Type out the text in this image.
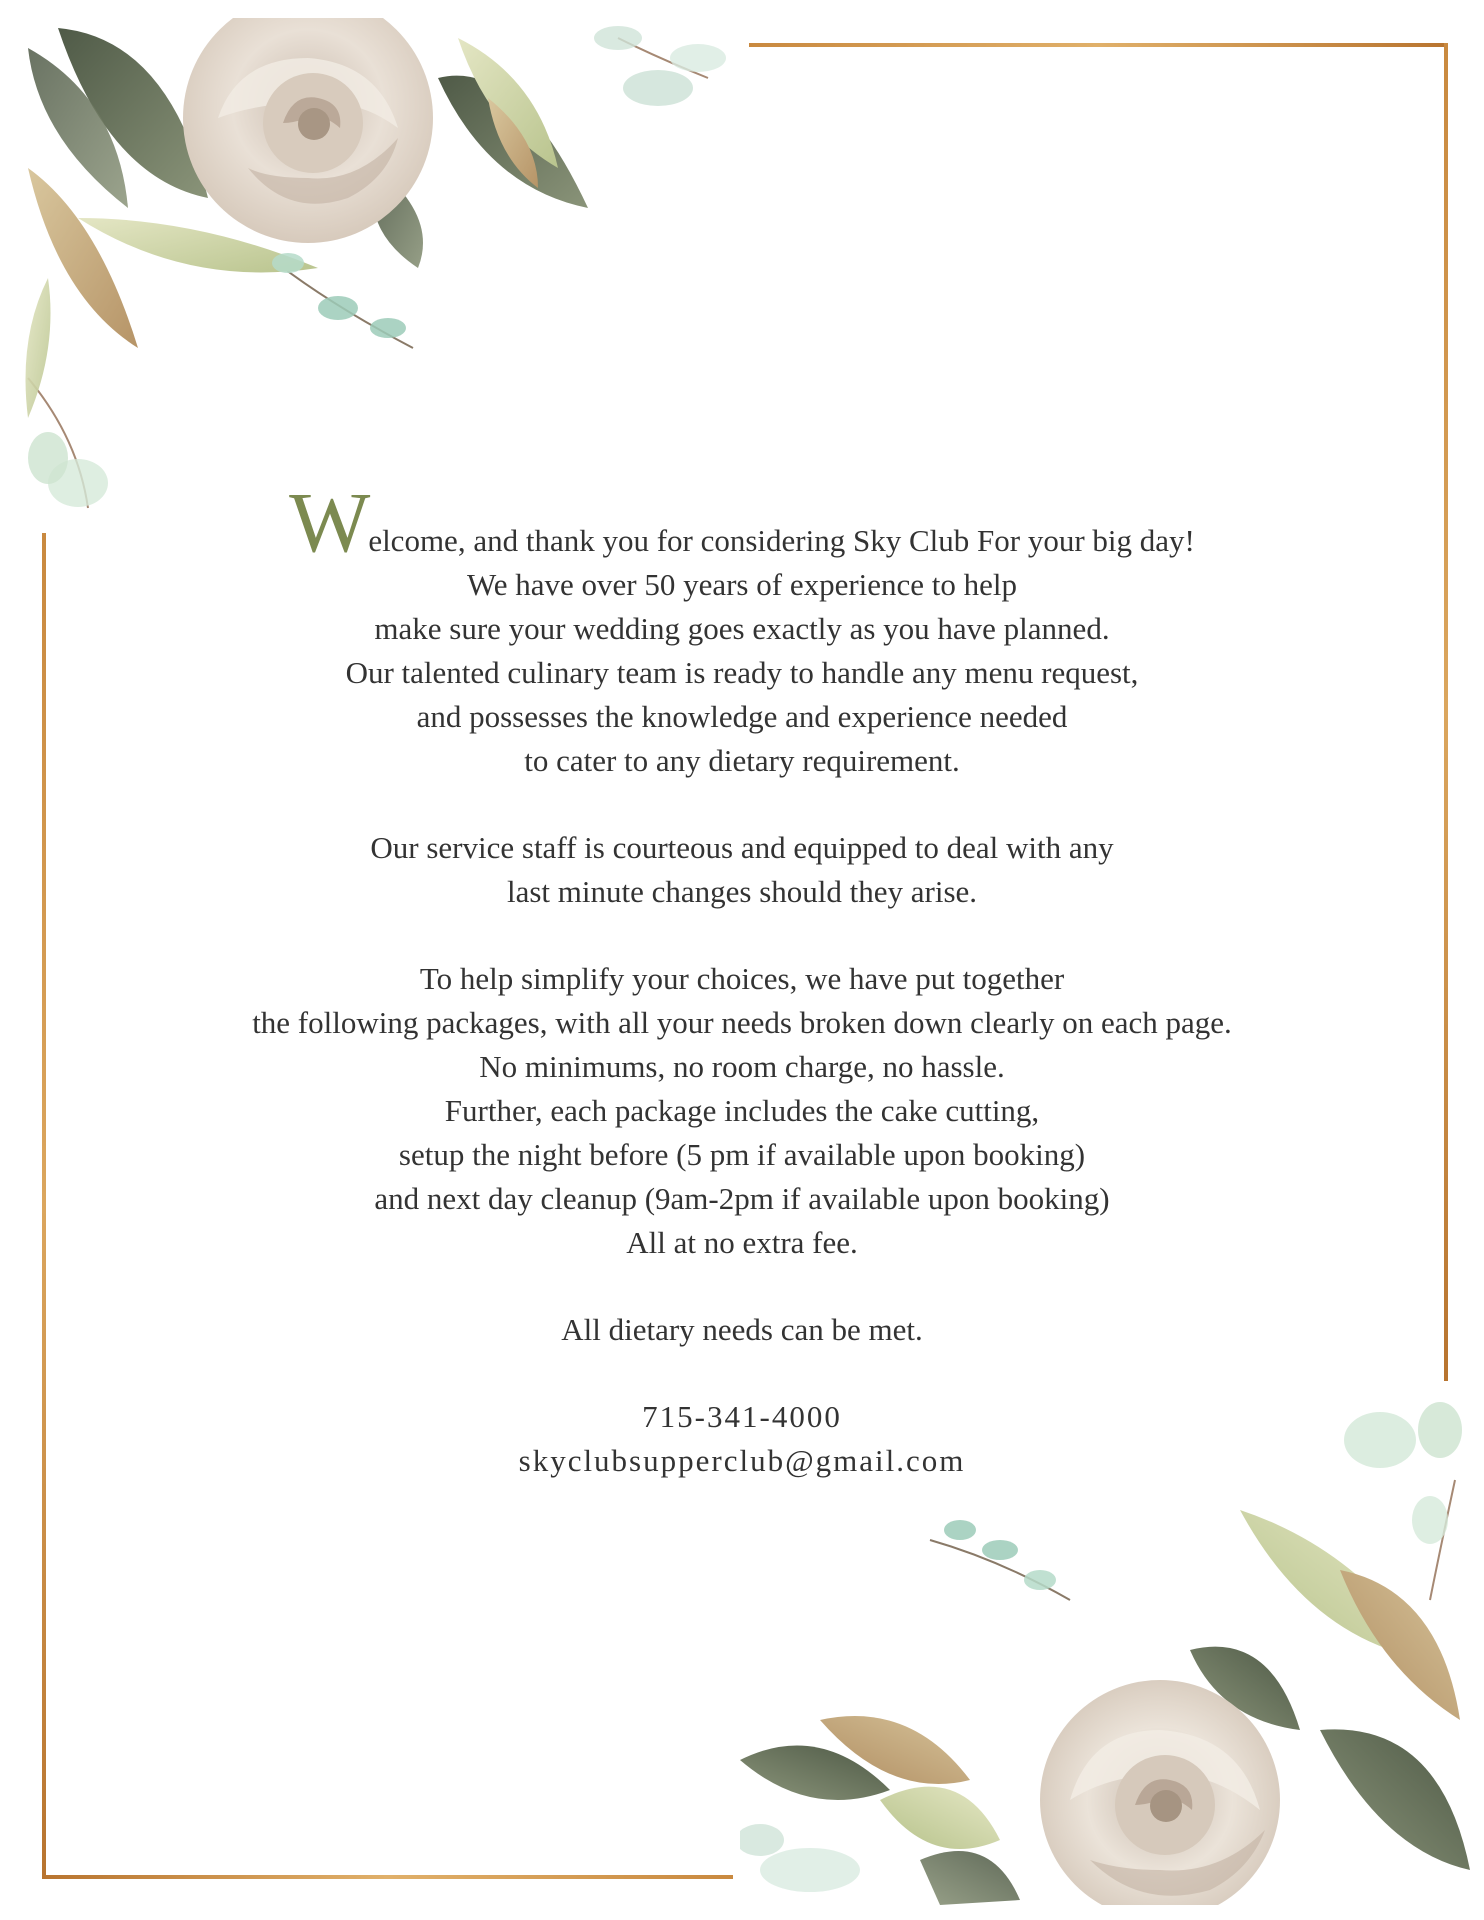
Welcome, and thank you for considering Sky Club For your big day!
We have over 50 years of experience to help
make sure your wedding goes exactly as you have planned.
Our talented culinary team is ready to handle any menu request,
and possesses the knowledge and experience needed
to cater to any dietary requirement.
Our service staff is courteous and equipped to deal with any
last minute changes should they arise.
To help simplify your choices, we have put together
the following packages, with all your needs broken down clearly on each page.
No minimums, no room charge, no hassle.
Further, each package includes the cake cutting,
setup the night before (5 pm if available upon booking)
and next day cleanup (9am-2pm if available upon booking)
All at no extra fee.
All dietary needs can be met.
715-341-4000
skyclubsupperclub@gmail.com
